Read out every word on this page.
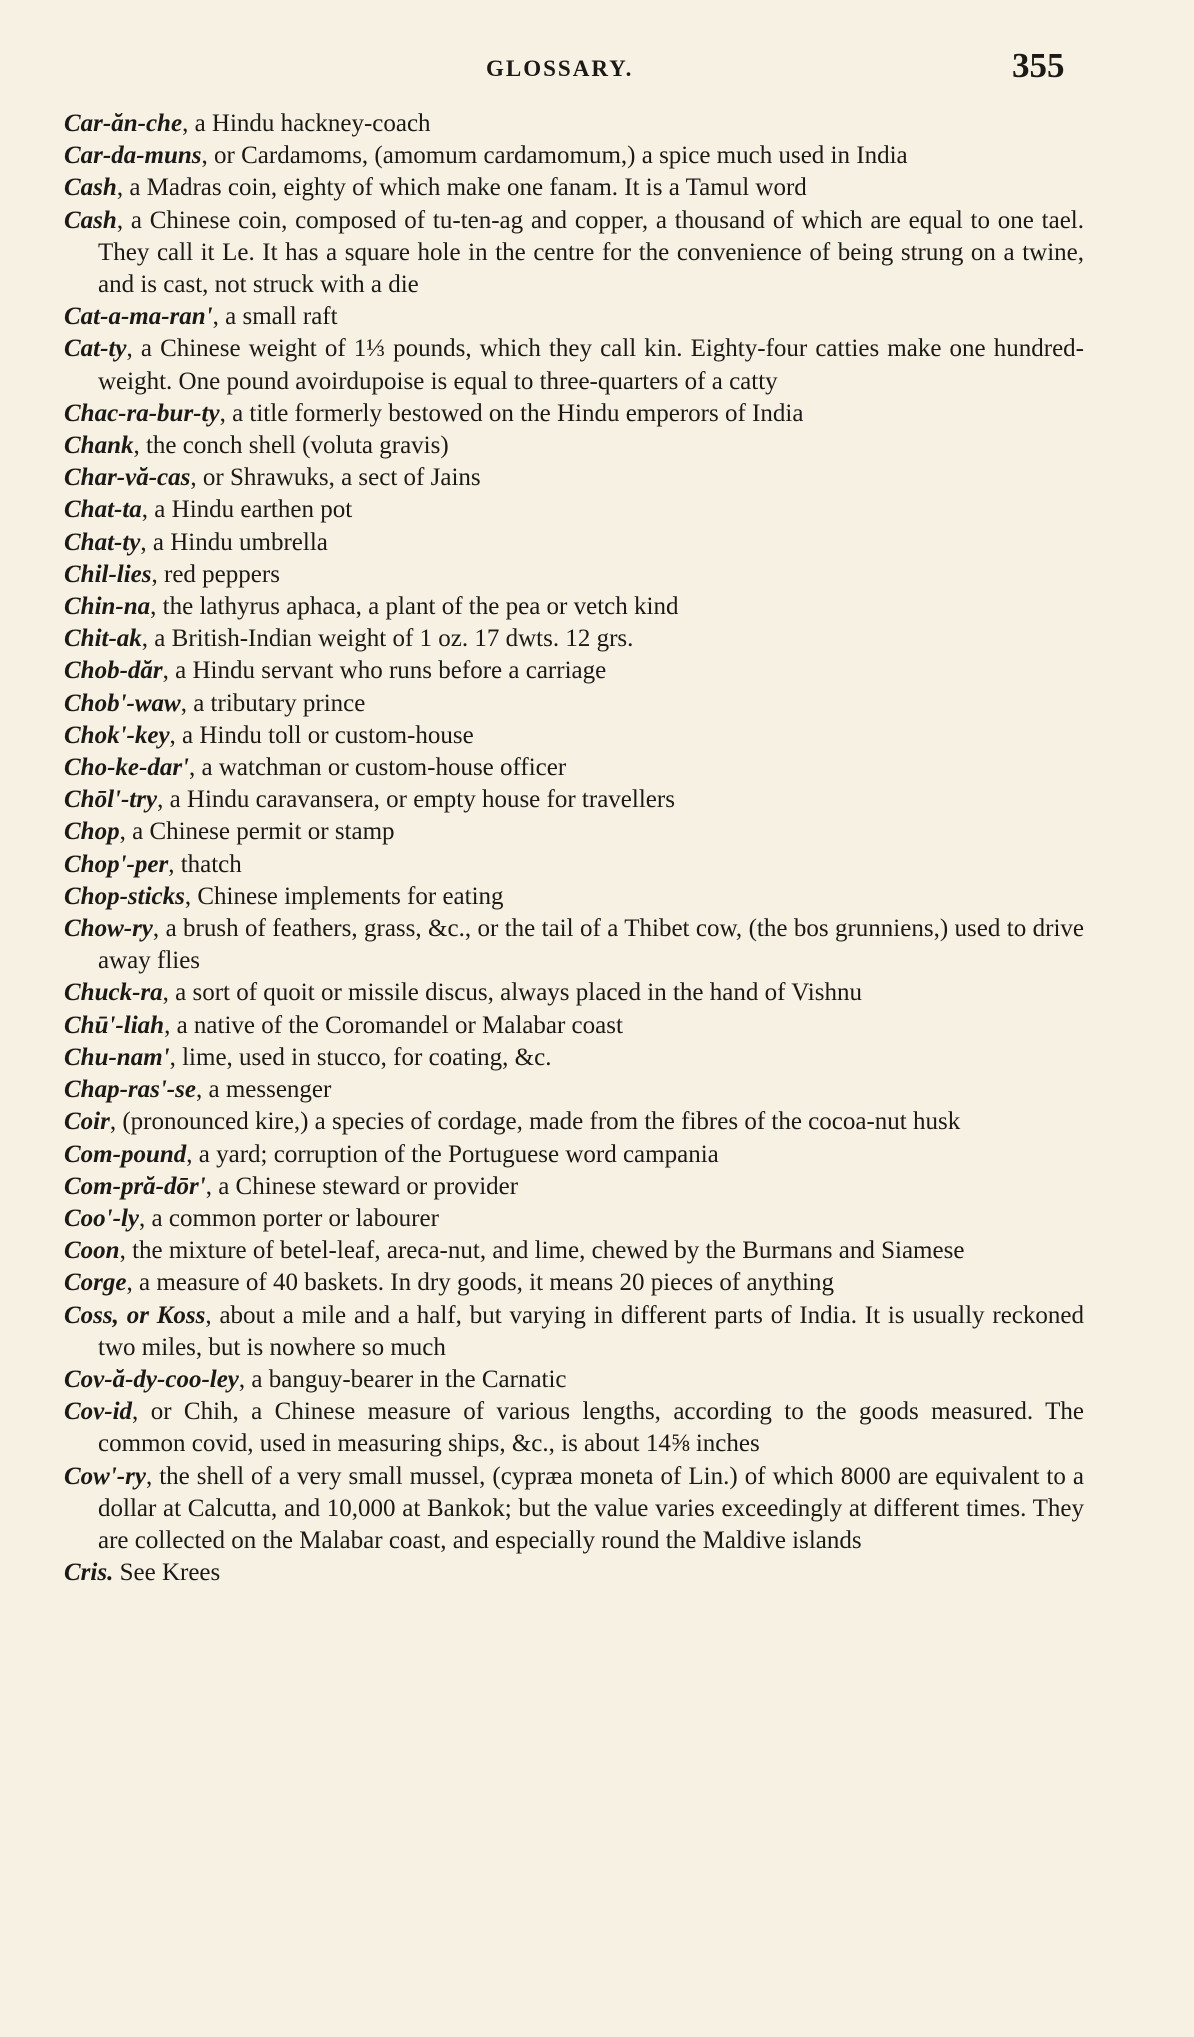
GLOSSARY.	355

Car-ăn-che , a Hindu hackney-coach

Car-da-muns , or Cardamoms, (amomum cardamomum,) a spice much used in India

Cash , a Madras coin, eighty of which make one fanam. It is a Tamul word

Cash , a Chinese coin, composed of tu-ten-ag and copper, a thousand of which are equal to one tael. They call it Le. It has a square hole in the centre for the convenience of being strung on a twine, and is cast, not struck with a die

Cat-a-ma-ran' , a small raft

Cat-ty , a Chinese weight of 1⅓ pounds, which they call kin. Eighty-four catties make one hundred-weight. One pound avoirdupoise is equal to three-quarters of a catty

Chac-ra-bur-ty , a title formerly bestowed on the Hindu emperors of India

Chank , the conch shell (voluta gravis)

Char-vă-cas , or Shrawuks, a sect of Jains

Chat-ta , a Hindu earthen pot

Chat-ty , a Hindu umbrella

Chil-lies , red peppers

Chin-na , the lathyrus aphaca, a plant of the pea or vetch kind

Chit-ak , a British-Indian weight of 1 oz. 17 dwts. 12 grs.

Chob-dăr , a Hindu servant who runs before a carriage

Chob'-waw , a tributary prince

Chok'-key , a Hindu toll or custom-house

Cho-ke-dar' , a watchman or custom-house officer

Chōl'-try , a Hindu caravansera, or empty house for travellers

Chop , a Chinese permit or stamp

Chop'-per , thatch

Chop-sticks , Chinese implements for eating

Chow-ry , a brush of feathers, grass, &c., or the tail of a Thibet cow, (the bos grunniens,) used to drive away flies

Chuck-ra , a sort of quoit or missile discus, always placed in the hand of Vishnu

Chū'-liah , a native of the Coromandel or Malabar coast

Chu-nam' , lime, used in stucco, for coating, &c.

Chap-ras'-se , a messenger

Coir , (pronounced kire,) a species of cordage, made from the fibres of the cocoa-nut husk

Com-pound , a yard; corruption of the Portuguese word campania

Com-pră-dōr' , a Chinese steward or provider

Coo'-ly , a common porter or labourer

Coon , the mixture of betel-leaf, areca-nut, and lime, chewed by the Burmans and Siamese

Corge , a measure of 40 baskets. In dry goods, it means 20 pieces of anything

Coss, or Koss , about a mile and a half, but varying in different parts of India. It is usually reckoned two miles, but is nowhere so much

Cov-ă-dy-coo-ley , a banguy-bearer in the Carnatic

Cov-id , or Chih, a Chinese measure of various lengths, according to the goods measured. The common covid, used in measuring ships, &c., is about 14⅝ inches

Cow'-ry , the shell of a very small mussel, (cypræa moneta of Lin.) of which 8000 are equivalent to a dollar at Calcutta, and 10,000 at Bankok; but the value varies exceedingly at different times. They are collected on the Malabar coast, and especially round the Maldive islands

Cris. See Krees
